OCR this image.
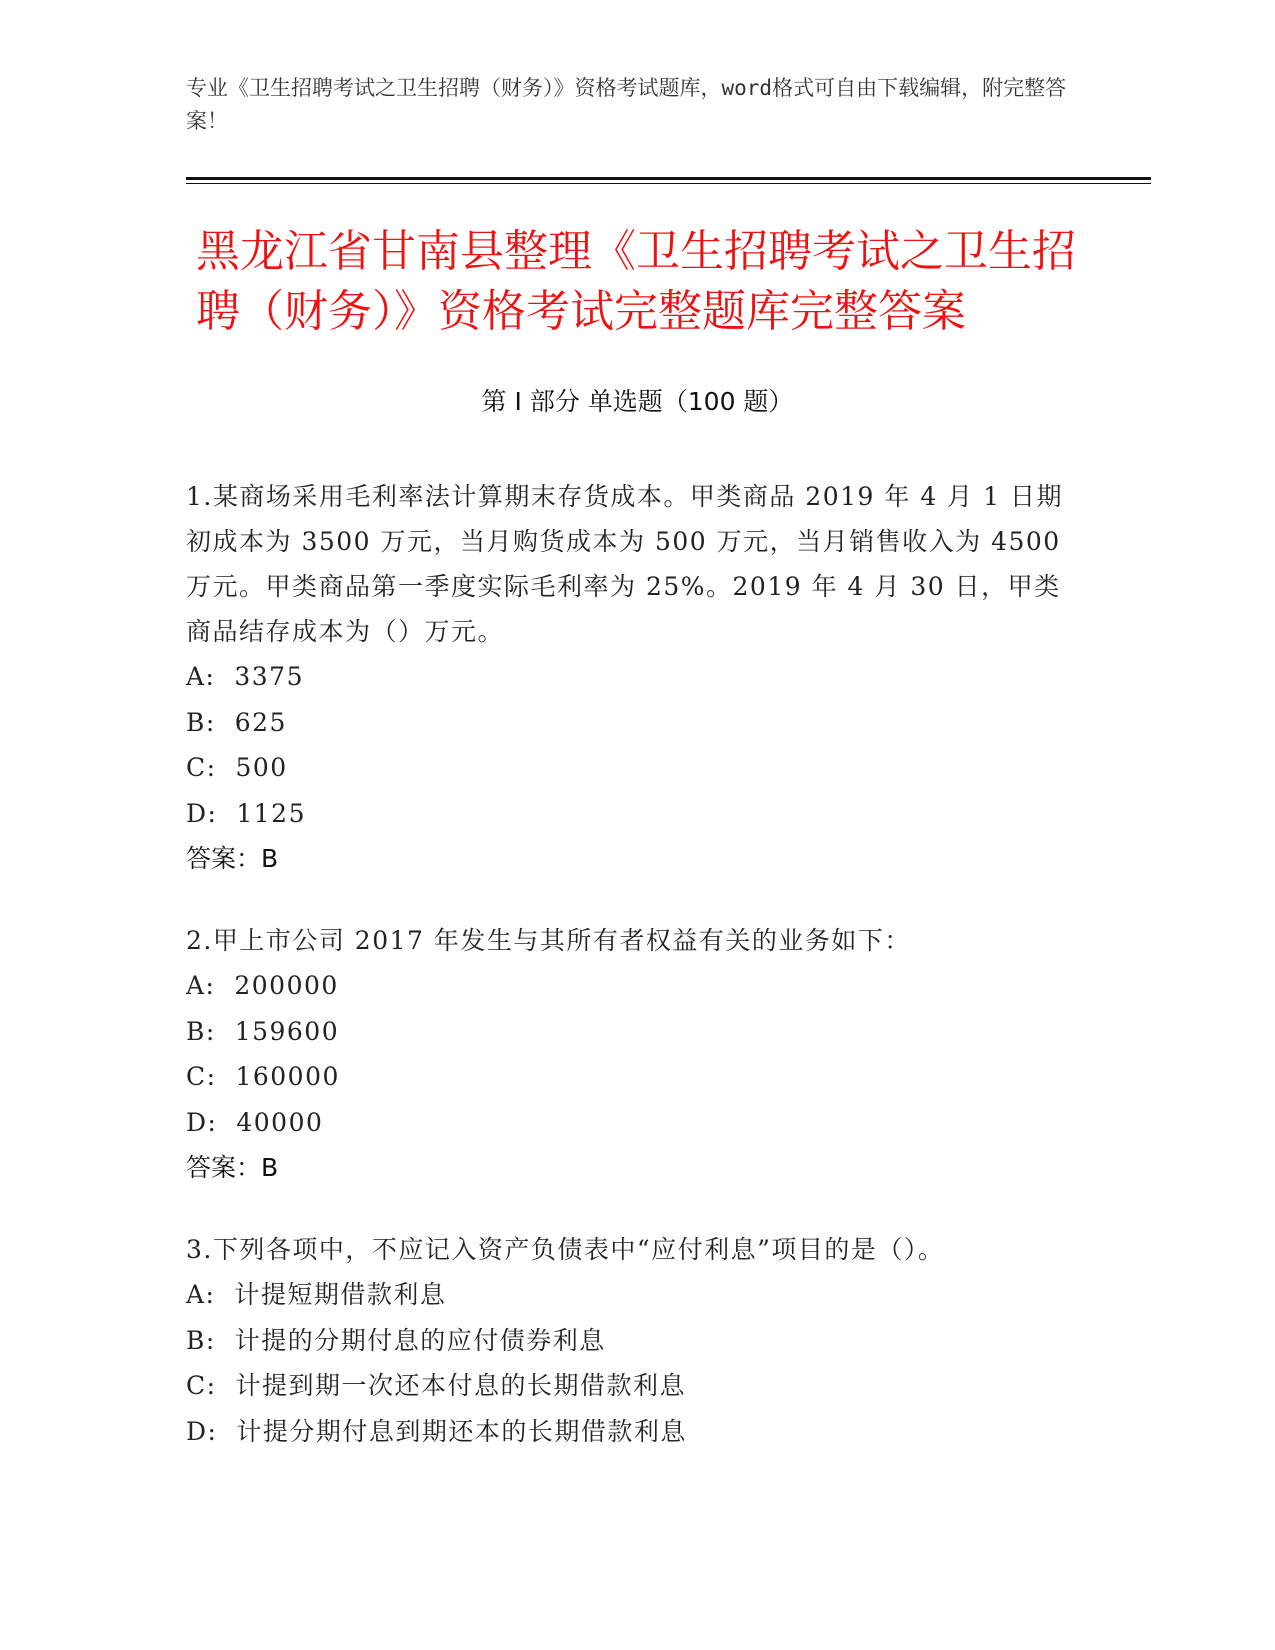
专业《卫生招聘考试之卫生招聘（财务）》资格考试题库，word格式可自由下载编辑，附完整答案！
黑龙江省甘南县整理《卫生招聘考试之卫生招聘（财务）》资格考试完整题库完整答案
第 I 部分 单选题（100 题）

1.某商场采用毛利率法计算期末存货成本。甲类商品 2019 年 4 月 1 日期初成本为 3500 万元，当月购货成本为 500 万元，当月销售收入为 4500 万元。甲类商品第一季度实际毛利率为 25%。2019 年 4 月 30 日，甲类商品结存成本为（）万元。

A:  3375

B:  625

C:  500

D:  1125

答案：B

2.甲上市公司 2017 年发生与其所有者权益有关的业务如下：

A:  200000

B:  159600

C:  160000

D:  40000

答案：B

3.下列各项中，不应记入资产负债表中“应付利息”项目的是（）。

A:  计提短期借款利息

B:  计提的分期付息的应付债券利息

C:  计提到期一次还本付息的长期借款利息

D:  计提分期付息到期还本的长期借款利息
